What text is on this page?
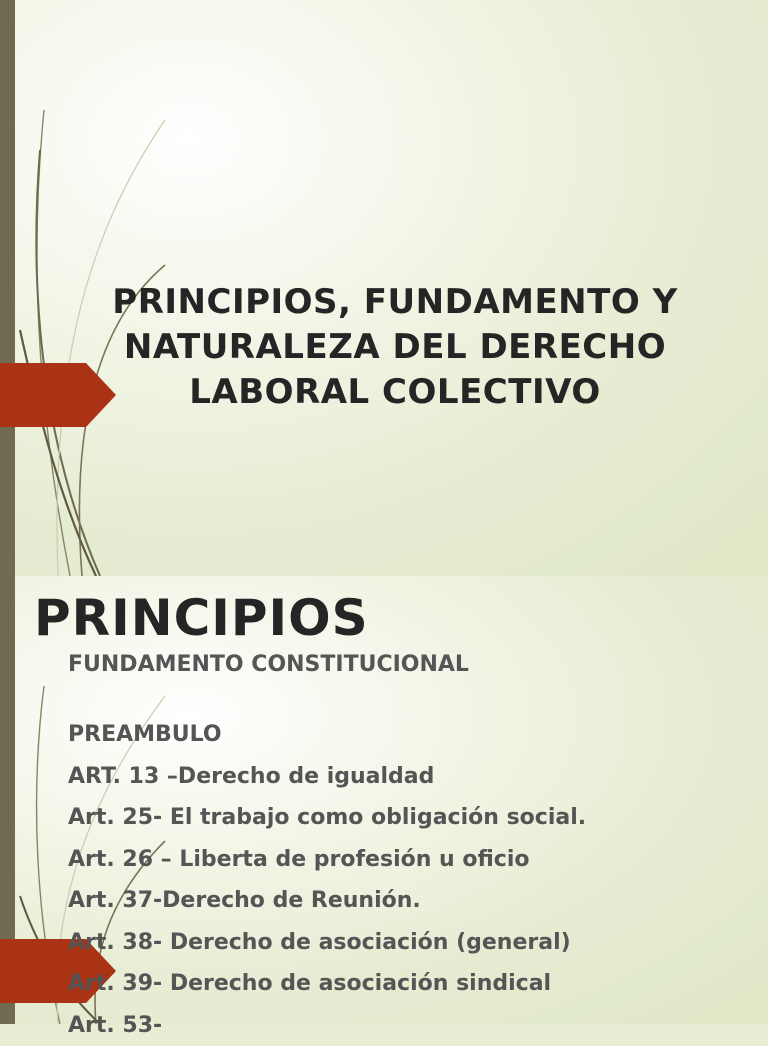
PRINCIPIOS, FUNDAMENTO Y
NATURALEZA DEL DERECHO
LABORAL COLECTIVO
PRINCIPIOS
FUNDAMENTO CONSTITUCIONAL
PREAMBULO
ART. 13 –Derecho de igualdad
Art. 25- El trabajo como obligación social.
Art. 26 – Liberta de profesión u oficio
Art. 37-Derecho de Reunión.
Art. 38- Derecho de asociación (general)
Art. 39- Derecho de asociación sindical
Art. 53-
